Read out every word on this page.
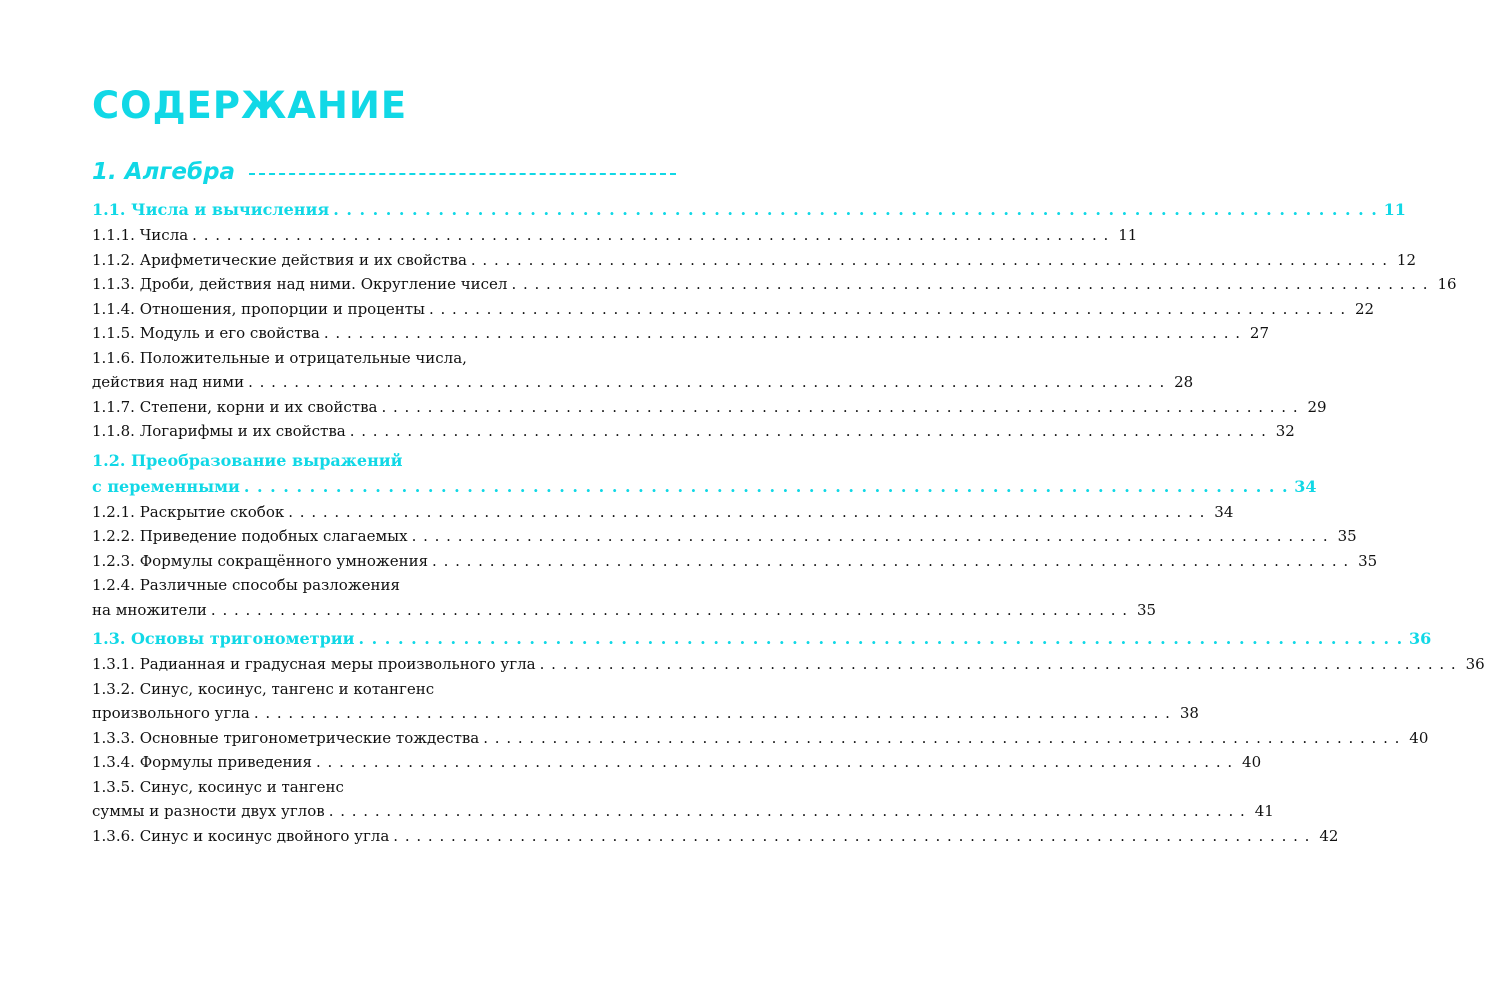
СОДЕРЖАНИЕ
1. Алгебра
1.1. Числа и вычисления . . . . . . . . . . . . . . . . . . . . . . . . . . . . . . . . . . . . . . . . . . . . . . . . . . . . . . . . . . . . . . . . . . . . . . . . . . . . . . . . 11
1.1.1. Числа . . . . . . . . . . . . . . . . . . . . . . . . . . . . . . . . . . . . . . . . . . . . . . . . . . . . . . . . . . . . . . . . . . . . . . . . . . . . . . . . 11
1.1.2. Арифметические действия и их свойства . . . . . . . . . . . . . . . . . . . . . . . . . . . . . . . . . . . . . . . . . . . . . . . . . . . . . . . . . . . . . . . . . . . . . . . . . . . . . . . . 12
1.1.3. Дроби, действия над ними. Округление чисел . . . . . . . . . . . . . . . . . . . . . . . . . . . . . . . . . . . . . . . . . . . . . . . . . . . . . . . . . . . . . . . . . . . . . . . . . . . . . . . . 16
1.1.4. Отношения, пропорции и проценты . . . . . . . . . . . . . . . . . . . . . . . . . . . . . . . . . . . . . . . . . . . . . . . . . . . . . . . . . . . . . . . . . . . . . . . . . . . . . . . . 22
1.1.5. Модуль и его свойства . . . . . . . . . . . . . . . . . . . . . . . . . . . . . . . . . . . . . . . . . . . . . . . . . . . . . . . . . . . . . . . . . . . . . . . . . . . . . . . . 27
1.1.6. Положительные и отрицательные числа,
действия над ними . . . . . . . . . . . . . . . . . . . . . . . . . . . . . . . . . . . . . . . . . . . . . . . . . . . . . . . . . . . . . . . . . . . . . . . . . . . . . . . . 28
1.1.7. Степени, корни и их свойства . . . . . . . . . . . . . . . . . . . . . . . . . . . . . . . . . . . . . . . . . . . . . . . . . . . . . . . . . . . . . . . . . . . . . . . . . . . . . . . . 29
1.1.8. Логарифмы и их свойства . . . . . . . . . . . . . . . . . . . . . . . . . . . . . . . . . . . . . . . . . . . . . . . . . . . . . . . . . . . . . . . . . . . . . . . . . . . . . . . . 32
1.2. Преобразование выражений
с переменными . . . . . . . . . . . . . . . . . . . . . . . . . . . . . . . . . . . . . . . . . . . . . . . . . . . . . . . . . . . . . . . . . . . . . . . . . . . . . . . . 34
1.2.1. Раскрытие скобок . . . . . . . . . . . . . . . . . . . . . . . . . . . . . . . . . . . . . . . . . . . . . . . . . . . . . . . . . . . . . . . . . . . . . . . . . . . . . . . . 34
1.2.2. Приведение подобных слагаемых . . . . . . . . . . . . . . . . . . . . . . . . . . . . . . . . . . . . . . . . . . . . . . . . . . . . . . . . . . . . . . . . . . . . . . . . . . . . . . . . 35
1.2.3. Формулы сокращённого умножения . . . . . . . . . . . . . . . . . . . . . . . . . . . . . . . . . . . . . . . . . . . . . . . . . . . . . . . . . . . . . . . . . . . . . . . . . . . . . . . . 35
1.2.4. Различные способы разложения
на множители . . . . . . . . . . . . . . . . . . . . . . . . . . . . . . . . . . . . . . . . . . . . . . . . . . . . . . . . . . . . . . . . . . . . . . . . . . . . . . . . 35
1.3. Основы тригонометрии . . . . . . . . . . . . . . . . . . . . . . . . . . . . . . . . . . . . . . . . . . . . . . . . . . . . . . . . . . . . . . . . . . . . . . . . . . . . . . . . 36
1.3.1. Радианная и градусная меры произвольного угла . . . . . . . . . . . . . . . . . . . . . . . . . . . . . . . . . . . . . . . . . . . . . . . . . . . . . . . . . . . . . . . . . . . . . . . . . . . . . . . . 36
1.3.2. Синус, косинус, тангенс и котангенс
произвольного угла . . . . . . . . . . . . . . . . . . . . . . . . . . . . . . . . . . . . . . . . . . . . . . . . . . . . . . . . . . . . . . . . . . . . . . . . . . . . . . . . 38
1.3.3. Основные тригонометрические тождества . . . . . . . . . . . . . . . . . . . . . . . . . . . . . . . . . . . . . . . . . . . . . . . . . . . . . . . . . . . . . . . . . . . . . . . . . . . . . . . . 40
1.3.4. Формулы приведения . . . . . . . . . . . . . . . . . . . . . . . . . . . . . . . . . . . . . . . . . . . . . . . . . . . . . . . . . . . . . . . . . . . . . . . . . . . . . . . . 40
1.3.5. Синус, косинус и тангенс
суммы и разности двух углов . . . . . . . . . . . . . . . . . . . . . . . . . . . . . . . . . . . . . . . . . . . . . . . . . . . . . . . . . . . . . . . . . . . . . . . . . . . . . . . . 41
1.3.6. Синус и косинус двойного угла . . . . . . . . . . . . . . . . . . . . . . . . . . . . . . . . . . . . . . . . . . . . . . . . . . . . . . . . . . . . . . . . . . . . . . . . . . . . . . . . 42
